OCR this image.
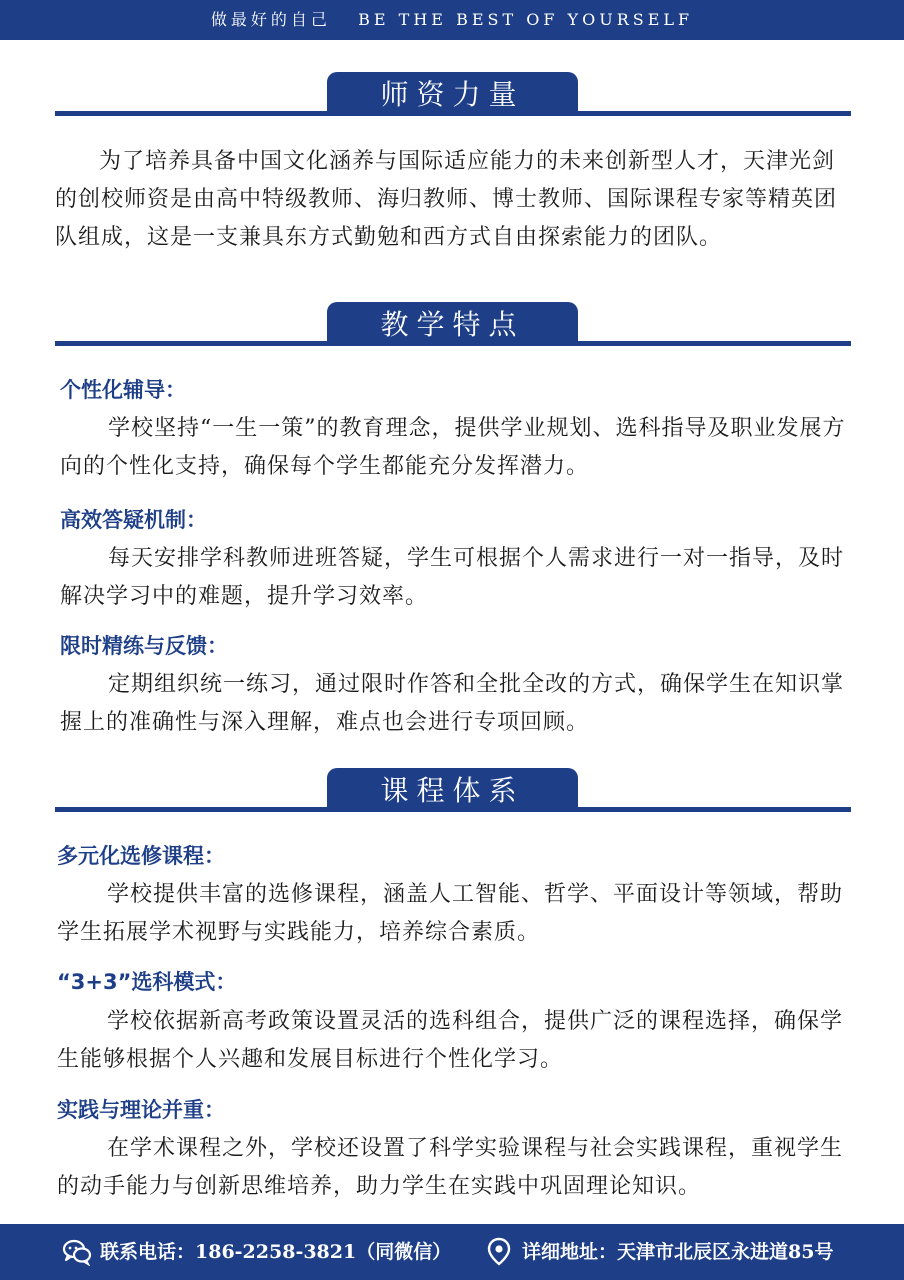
做最好的自己   BE THE BEST OF YOURSELF
师资力量

为了培养具备中国文化涵养与国际适应能力的未来创新型人才，天津光剑的创校师资是由高中特级教师、海归教师、博士教师、国际课程专家等精英团队组成，这是一支兼具东方式勤勉和西方式自由探索能力的团队。

教学特点

个性化辅导：

学校坚持“一生一策”的教育理念，提供学业规划、选科指导及职业发展方向的个性化支持，确保每个学生都能充分发挥潜力。

高效答疑机制：

每天安排学科教师进班答疑，学生可根据个人需求进行一对一指导，及时解决学习中的难题，提升学习效率。

限时精练与反馈：

定期组织统一练习，通过限时作答和全批全改的方式，确保学生在知识掌握上的准确性与深入理解，难点也会进行专项回顾。

课程体系

多元化选修课程：

学校提供丰富的选修课程，涵盖人工智能、哲学、平面设计等领域，帮助学生拓展学术视野与实践能力，培养综合素质。

“3+3”选科模式：

学校依据新高考政策设置灵活的选科组合，提供广泛的课程选择，确保学生能够根据个人兴趣和发展目标进行个性化学习。

实践与理论并重：

在学术课程之外，学校还设置了科学实验课程与社会实践课程，重视学生的动手能力与创新思维培养，助力学生在实践中巩固理论知识。

联系电话：186-2258-3821（同微信）	详细地址：天津市北辰区永进道85号
